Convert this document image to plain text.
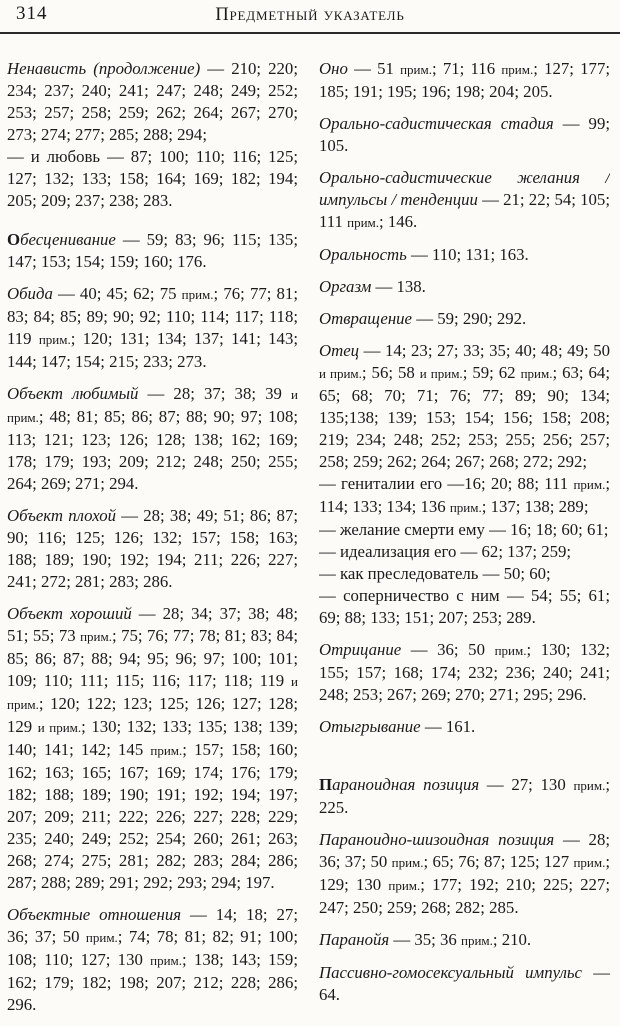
314	Предметный указатель

Ненависть (продолжение) — 210; 220; 234; 237; 240; 241; 247; 248; 249; 252; 253; 257; 258; 259; 262; 264; 267; 270; 273; 274; 277; 285; 288; 294;
— и любовь — 87; 100; 110; 116; 125; 127; 132; 133; 158; 164; 169; 182; 194; 205; 209; 237; 238; 283.

Обесценивание — 59; 83; 96; 115; 135; 147; 153; 154; 159; 160; 176.

Обида — 40; 45; 62; 75 прим.; 76; 77; 81; 83; 84; 85; 89; 90; 92; 110; 114; 117; 118; 119 прим.; 120; 131; 134; 137; 141; 143; 144; 147; 154; 215; 233; 273.

Объект любимый — 28; 37; 38; 39 и прим.; 48; 81; 85; 86; 87; 88; 90; 97; 108; 113; 121; 123; 126; 128; 138; 162; 169; 178; 179; 193; 209; 212; 248; 250; 255; 264; 269; 271; 294.

Объект плохой — 28; 38; 49; 51; 86; 87; 90; 116; 125; 126; 132; 157; 158; 163; 188; 189; 190; 192; 194; 211; 226; 227; 241; 272; 281; 283; 286.

Объект хороший — 28; 34; 37; 38; 48; 51; 55; 73 прим.; 75; 76; 77; 78; 81; 83; 84; 85; 86; 87; 88; 94; 95; 96; 97; 100; 101; 109; 110; 111; 115; 116; 117; 118; 119 и прим.; 120; 122; 123; 125; 126; 127; 128; 129 и прим.; 130; 132; 133; 135; 138; 139; 140; 141; 142; 145 прим.; 157; 158; 160; 162; 163; 165; 167; 169; 174; 176; 179; 182; 188; 189; 190; 191; 192; 194; 197; 207; 209; 211; 222; 226; 227; 228; 229; 235; 240; 249; 252; 254; 260; 261; 263; 268; 274; 275; 281; 282; 283; 284; 286; 287; 288; 289; 291; 292; 293; 294; 197.

Объектные отношения — 14; 18; 27; 36; 37; 50 прим.; 74; 78; 81; 82; 91; 100; 108; 110; 127; 130 прим.; 138; 143; 159; 162; 179; 182; 198; 207; 212; 228; 286; 296.

Оно — 51 прим.; 71; 116 прим.; 127; 177; 185; 191; 195; 196; 198; 204; 205.

Орально-садистическая стадия — 99; 105.

Орально-садистические желания / импульсы / тенденции — 21; 22; 54; 105; 111 прим.; 146.

Оральность — 110; 131; 163.

Оргазм — 138.

Отвращение — 59; 290; 292.

Отец — 14; 23; 27; 33; 35; 40; 48; 49; 50 и прим.; 56; 58 и прим.; 59; 62 прим.; 63; 64; 65; 68; 70; 71; 76; 77; 89; 90; 134; 135;138; 139; 153; 154; 156; 158; 208; 219; 234; 248; 252; 253; 255; 256; 257; 258; 259; 262; 264; 267; 268; 272; 292;
— гениталии его —16; 20; 88; 111 прим.; 114; 133; 134; 136 прим.; 137; 138; 289;
— желание смерти ему — 16; 18; 60; 61;
— идеализация его — 62; 137; 259;
— как преследователь — 50; 60;
— соперничество с ним — 54; 55; 61; 69; 88; 133; 151; 207; 253; 289.

Отрицание — 36; 50 прим.; 130; 132; 155; 157; 168; 174; 232; 236; 240; 241; 248; 253; 267; 269; 270; 271; 295; 296.

Отыгрывание — 161.

Параноидная позиция — 27; 130 прим.; 225.

Параноидно-шизоидная позиция — 28; 36; 37; 50 прим.; 65; 76; 87; 125; 127 прим.; 129; 130 прим.; 177; 192; 210; 225; 227; 247; 250; 259; 268; 282; 285.

Паранойя — 35; 36 прим.; 210.

Пассивно-гомосексуальный импульс — 64.
